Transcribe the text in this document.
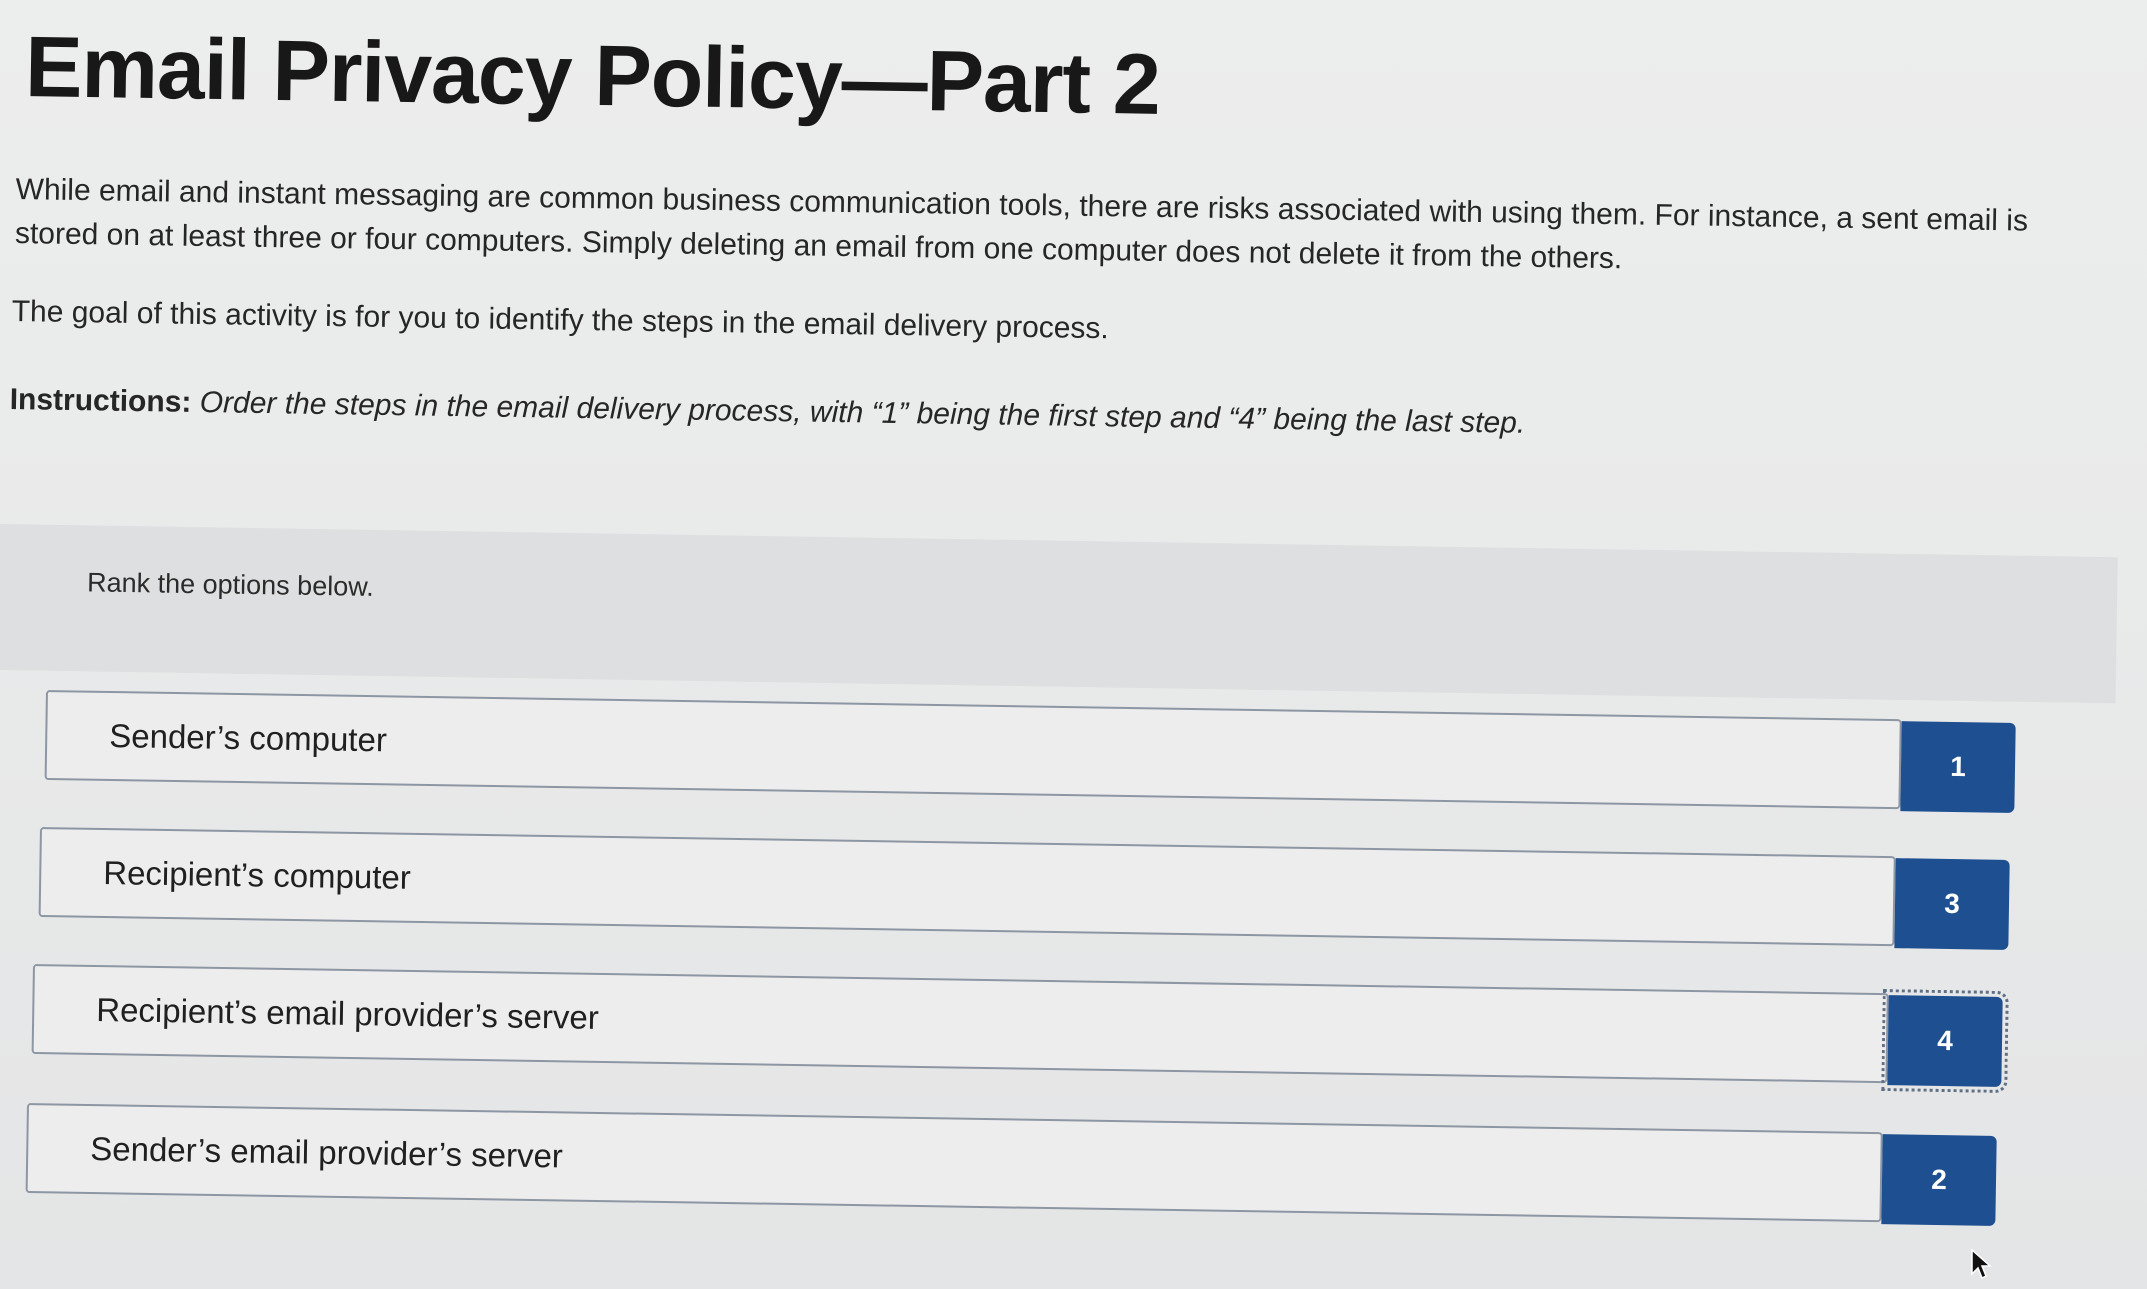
Email Privacy Policy—Part 2

While email and instant messaging are common business communication tools, there are risks associated with using them. For instance, a sent email is stored on at least three or four computers. Simply deleting an email from one computer does not delete it from the others.

The goal of this activity is for you to identify the steps in the email delivery process.

Instructions: Order the steps in the email delivery process, with “1” being the first step and “4” being the last step.

Rank the options below.

Sender’s computer
1
Recipient’s computer
3
Recipient’s email provider’s server
4
Sender’s email provider’s server
2
